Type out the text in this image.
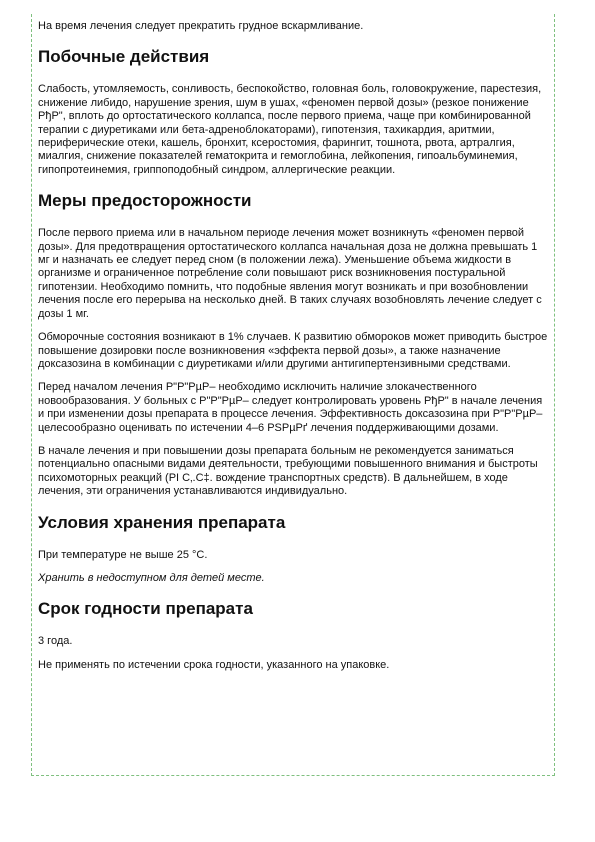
На время лечения следует прекратить грудное вскармливание.

Побочные действия

Слабость, утомляемость, сонливость, беспокойство, головная боль, головокружение, парестезия, снижение либидо, нарушение зрения, шум в ушах, «феномен первой дозы» (резкое понижение РђР", вплоть до ортостатического коллапса, после первого приема, чаще при комбинированной терапии с диуретиками или бета-адреноблокаторами), гипотензия, тахикардия, аритмии, периферические отеки, кашель, бронхит, ксеростомия, фарингит, тошнота, рвота, артралгия, миалгия, снижение показателей гематокрита и гемоглобина, лейкопения, гипоальбуминемия, гипопротеинемия, гриппоподобный синдром, аллергические реакции.

Меры предосторожности

После первого приема или в начальном периоде лечения может возникнуть «феномен первой дозы». Для предотвращения ортостатического коллапса начальная доза не должна превышать 1 мг и назначать ее следует перед сном (в положении лежа). Уменьшение объема жидкости в организме и ограниченное потребление соли повышают риск возникновения постуральной гипотензии. Необходимо помнить, что подобные явления могут возникать и при возобновлении лечения после его перерыва на несколько дней. В таких случаях возобновлять лечение следует с дозы 1 мг.

Обморочные состояния возникают в 1% случаев. К развитию обмороков может приводить быстрое повышение дозировки после возникновения «эффекта первой дозы», а также назначение доксазозина в комбинации с диуретиками и/или другими антигипертензивными средствами.

Перед началом лечения Р"Р"РµР– необходимо исключить наличие злокачественного новообразования. У больных с Р"Р"РµР– следует контролировать уровень РђР" в начале лечения и при изменении дозы препарата в процессе лечения. Эффективность доксазозина при Р"Р"РµР– целесообразно оценивать по истечении 4–6 РЅРµРґ лечения поддерживающими дозами.

В начале лечения и при повышении дозы препарата больным не рекомендуется заниматься потенциально опасными видами деятельности, требующими повышенного внимания и быстроты психомоторных реакций (РІ С‚.С‡. вождение транспортных средств). В дальнейшем, в ходе лечения, эти ограничения устанавливаются индивидуально.

Условия хранения препарата

При температуре не выше 25 °C.

Хранить в недоступном для детей месте.

Срок годности препарата

3 года.

Не применять по истечении срока годности, указанного на упаковке.
